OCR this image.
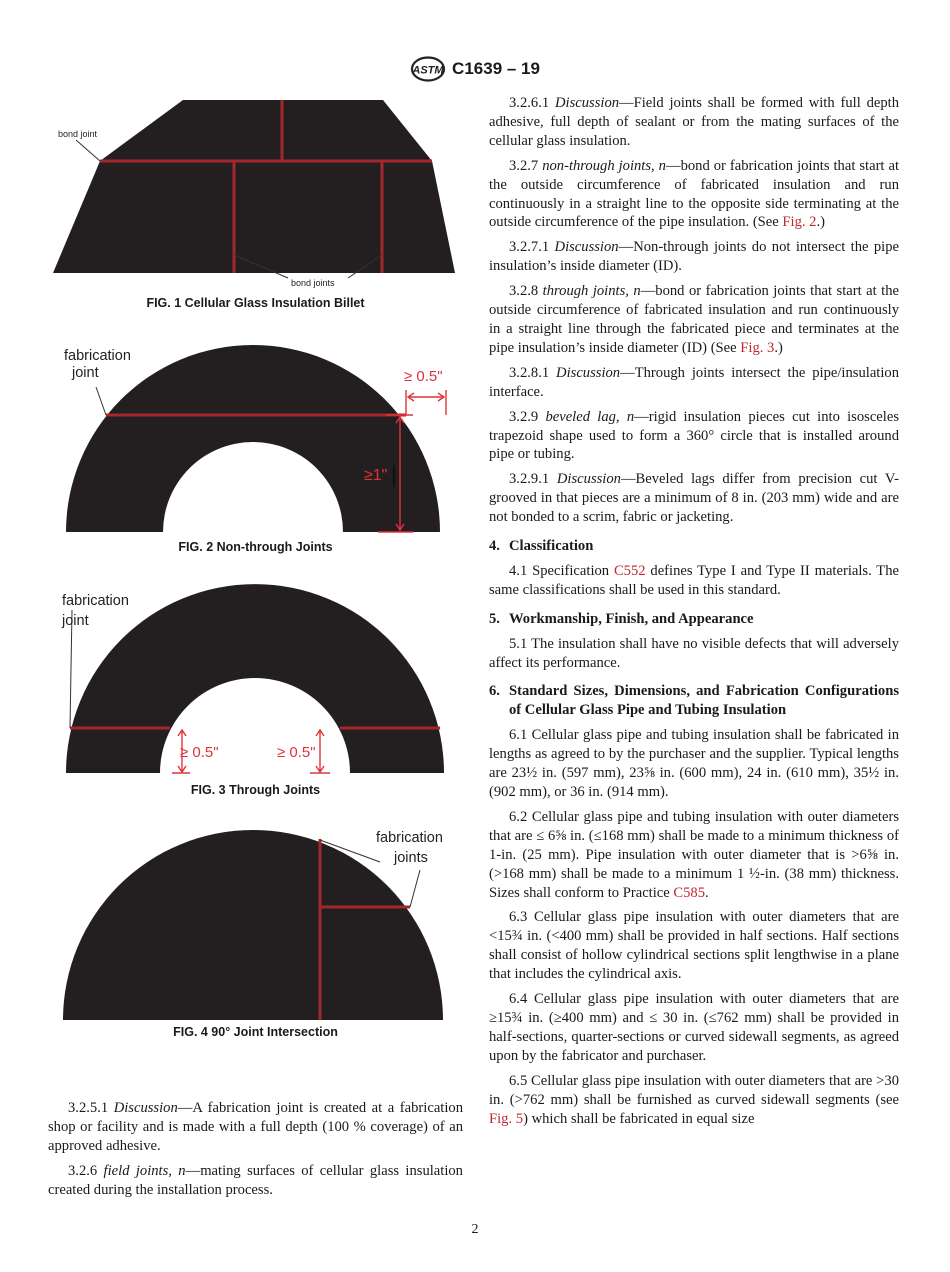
ASTM C1639 – 19
bond joint
bond joints
FIG. 1 Cellular Glass Insulation Billet
fabrication
joint	≥ 0.5"
≥1"
FIG. 2 Non-through Joints
fabrication
joint
≥ 0.5"	≥ 0.5"
FIG. 3 Through Joints
fabrication
joints
FIG. 4 90° Joint Intersection

3.2.5.1 Discussion—A fabrication joint is created at a fabrication shop or facility and is made with a full depth (100 % coverage) of an approved adhesive.

3.2.6 field joints, n—mating surfaces of cellular glass insulation created during the installation process.

3.2.6.1 Discussion—Field joints shall be formed with full depth adhesive, full depth of sealant or from the mating surfaces of the cellular glass insulation.

3.2.7 non-through joints, n—bond or fabrication joints that start at the outside circumference of fabricated insulation and run continuously in a straight line to the opposite side terminating at the outside circumference of the pipe insulation. (See Fig. 2.)

3.2.7.1 Discussion—Non-through joints do not intersect the pipe insulation’s inside diameter (ID).

3.2.8 through joints, n—bond or fabrication joints that start at the outside circumference of fabricated insulation and run continuously in a straight line through the fabricated piece and terminates at the pipe insulation’s inside diameter (ID) (See Fig. 3.)

3.2.8.1 Discussion—Through joints intersect the pipe/insulation interface.

3.2.9 beveled lag, n—rigid insulation pieces cut into isosceles trapezoid shape used to form a 360° circle that is installed around pipe or tubing.

3.2.9.1 Discussion—Beveled lags differ from precision cut V-grooved in that pieces are a minimum of 8 in. (203 mm) wide and are not bonded to a scrim, fabric or jacketing.

4. Classification

4.1 Specification C552 defines Type I and Type II materials. The same classifications shall be used in this standard.

5. Workmanship, Finish, and Appearance

5.1 The insulation shall have no visible defects that will adversely affect its performance.

6. Standard Sizes, Dimensions, and Fabrication Configurations of Cellular Glass Pipe and Tubing Insulation

6.1 Cellular glass pipe and tubing insulation shall be fabricated in lengths as agreed to by the purchaser and the supplier. Typical lengths are 23½ in. (597 mm), 23⅝ in. (600 mm), 24 in. (610 mm), 35½ in. (902 mm), or 36 in. (914 mm).

6.2 Cellular glass pipe and tubing insulation with outer diameters that are ≤ 6⅝ in. (≤168 mm) shall be made to a minimum thickness of 1-in. (25 mm). Pipe insulation with outer diameter that is >6⅝ in. (>168 mm) shall be made to a minimum 1 ½-in. (38 mm) thickness. Sizes shall conform to Practice C585.

6.3 Cellular glass pipe insulation with outer diameters that are <15¾ in. (<400 mm) shall be provided in half sections. Half sections shall consist of hollow cylindrical sections split lengthwise in a plane that includes the cylindrical axis.

6.4 Cellular glass pipe insulation with outer diameters that are ≥15¾ in. (≥400 mm) and ≤ 30 in. (≤762 mm) shall be provided in half-sections, quarter-sections or curved sidewall segments, as agreed upon by the fabricator and purchaser.

6.5 Cellular glass pipe insulation with outer diameters that are >30 in. (>762 mm) shall be furnished as curved sidewall segments (see Fig. 5) which shall be fabricated in equal size

2
